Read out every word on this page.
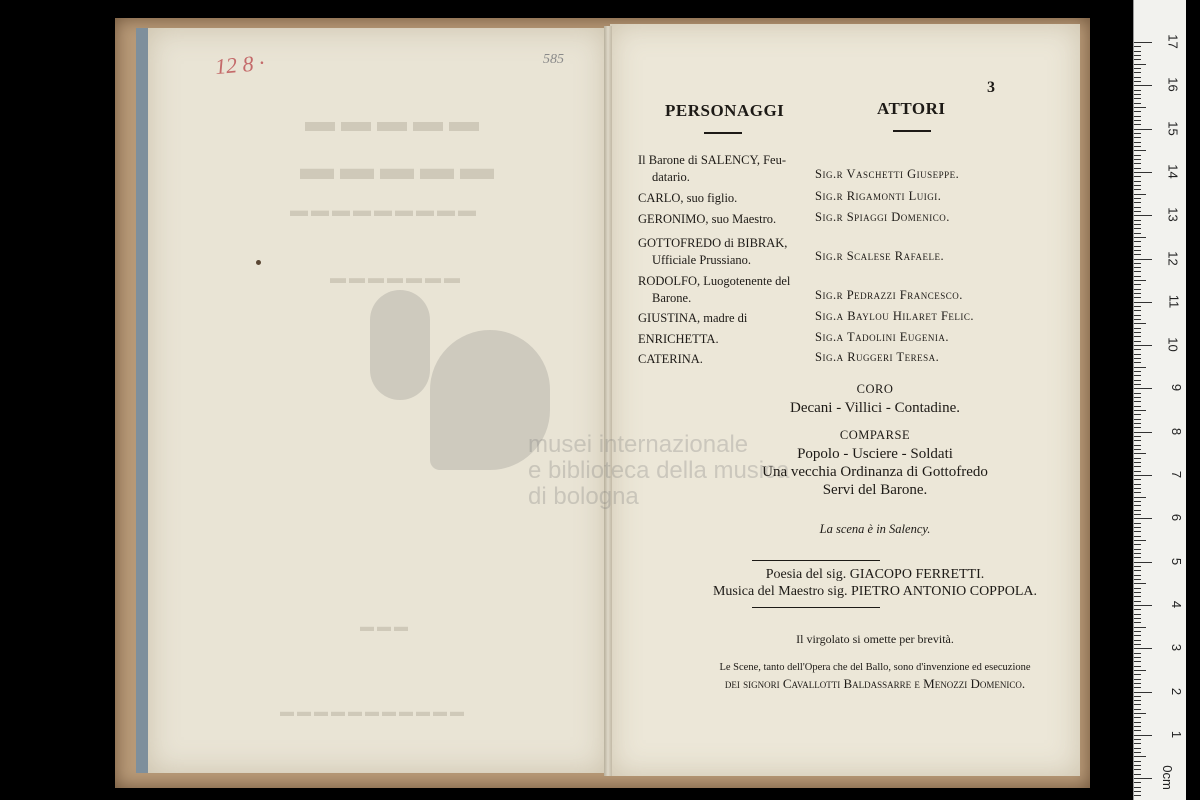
▬▬▬▬▬
▬▬▬▬▬
▬▬▬▬▬▬▬▬▬
▬▬▬▬▬▬▬
▬▬▬
▬▬▬▬▬▬▬▬▬▬▬
musei internazionale
e biblioteca della musica
di bologna
12 8 ·	585
3
PERSONAGGI	ATTORI
Il Barone di SALENCY, Feu-
datario.	Sig.r Vaschetti Giuseppe.
CARLO, suo figlio.	Sig.r Rigamonti Luigi.
GERONIMO, suo Maestro.	Sig.r Spiaggi Domenico.
GOTTOFREDO di BIBRAK,
Ufficiale Prussiano.	Sig.r Scalese Rafaele.
RODOLFO, Luogotenente del
Barone.	Sig.r Pedrazzi Francesco.
GIUSTINA, madre di	Sig.a Baylou Hilaret Felic.
ENRICHETTA.	Sig.a Tadolini Eugenia.
CATERINA.	Sig.a Ruggeri Teresa.
CORO
Decani - Villici - Contadine.
COMPARSE
Popolo - Usciere - Soldati
Una vecchia Ordinanza di Gottofredo
Servi del Barone.
La scena è in Salency.
Poesia del sig. GIACOPO FERRETTI.
Musica del Maestro sig. PIETRO ANTONIO COPPOLA.
Il virgolato si omette per brevità.
Le Scene, tanto dell'Opera che del Ballo, sono d'invenzione ed esecuzione
dei signori Cavallotti Baldassarre e Menozzi Domenico.
17
16
15
14
13
12
11
10
9
8
7
6
5
4
3
2
1
0cm
